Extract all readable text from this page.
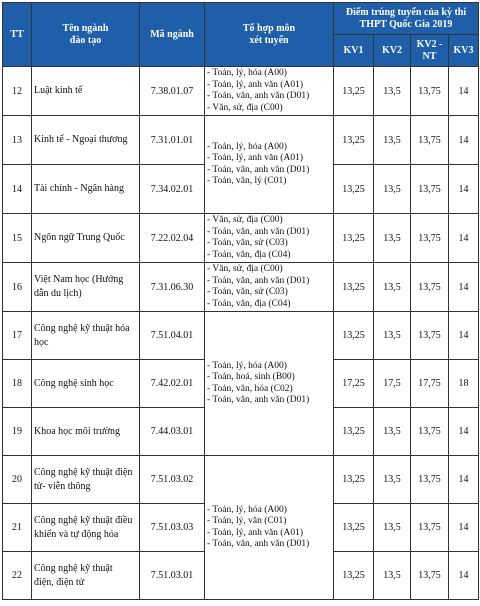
TT	Tên ngành
đào tạo	Mã ngành	Tổ hợp môn
xét tuyển	Điểm trúng tuyển của kỳ thi
THPT Quốc Gia 2019			

				KV1	KV2	KV2 -
NT	KV3
12	Luật kinh tế	7.38.01.07	- Toán, lý, hóa (A00)
- Toán, lý, anh văn (A01)
- Toán, văn, anh văn (D01)
- Văn, sử, địa (C00)	13,25	13,5	13,75	14
13	Kinh tế - Ngoại thương	7.31.01.01	- Toán, lý, hóa (A00)
- Toán, lý, anh văn (A01)
- Toán, văn, anh văn (D01)
- Toán, văn, lý (C01)	13,25	13,5	13,75	14
14	Tài chính - Ngân hàng	7.34.02.01		13,25	13,5	13,75	14
15	Ngôn ngữ Trung Quốc	7.22.02.04	- Văn, sử, địa (C00)
- Toán, văn, anh văn (D01)
- Toán, văn, sử (C03)
- Toán, văn, địa (C04)	13,25	13,5	13,75	14
16	Việt Nam học (Hướng
dẫn du lịch)	7.31.06.30	- Văn, sử, địa (C00)
- Toán, văn, anh văn (D01)
- Toán, văn, sử (C03)
- Toán, văn, địa (C04)	13,25	13,5	13,75	14
17	Công nghệ kỹ thuật hóa
học	7.51.04.01	- Toán, lý, hóa (A00)
- Toán, hoá, sinh (B00)
- Toán, văn, hóa (C02)
- Toán, văn, anh văn (D01)	13,25	13,5	13,75	14
18	Công nghệ sinh học	7.42.02.01		17,25	17,5	17,75	18
19	Khoa học môi trường	7.44.03.01		13,25	13,5	13,75	14
20	Công nghệ kỹ thuật điện
tử- viễn thông	7.51.03.02	- Toán, lý, hóa (A00)
- Toán, lý, văn (C01)
- Toán, lý, anh văn (A01)
- Toán, văn, anh văn (D01)	13,25	13,5	13,75	14
21	Công nghệ kỹ thuật điều
khiển và tự động hóa	7.51.03.03		13,25	13,5	13,75	14
22	Công nghệ kỹ thuật
điện, điện tử	7.51.03.01		13,25	13,5	13,75	14
